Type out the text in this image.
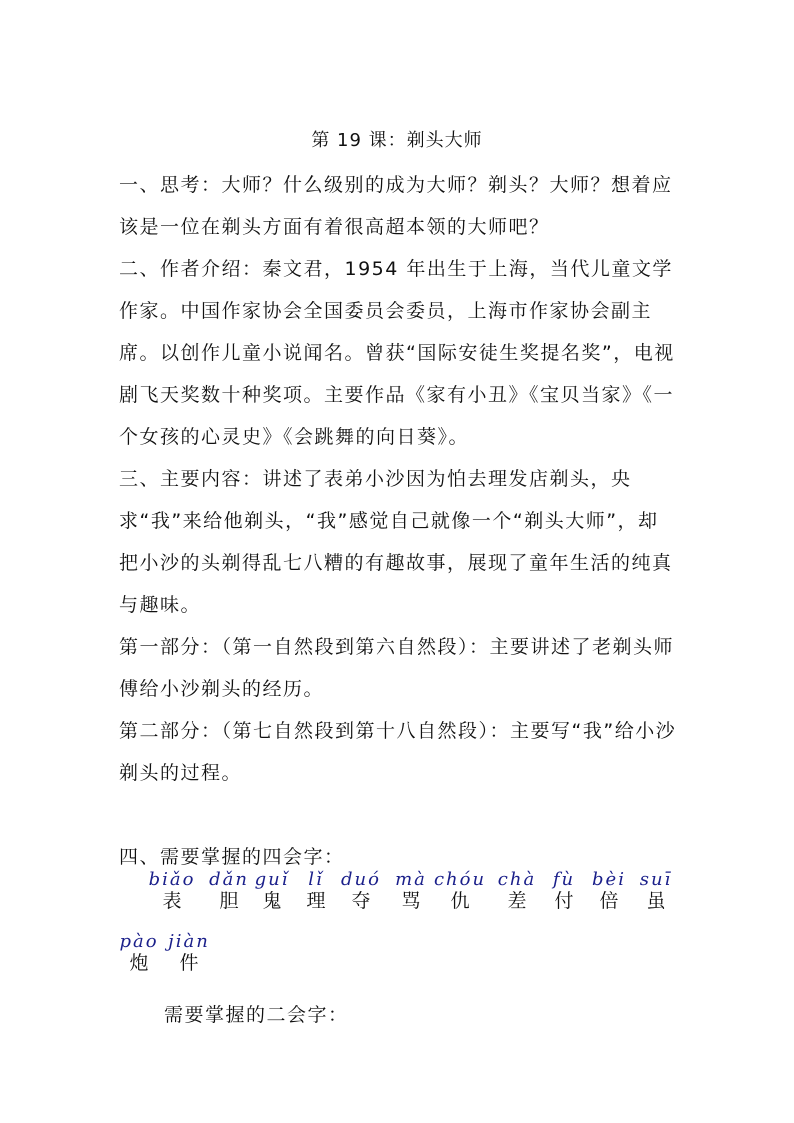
第 19 课：剃头大师

一、思考：大师？什么级别的成为大师？剃头？大师？想着应该是一位在剃头方面有着很高超本领的大师吧？

二、作者介绍：秦文君，1954 年出生于上海，当代儿童文学作家。中国作家协会全国委员会委员，上海市作家协会副主席。以创作儿童小说闻名。曾获“国际安徒生奖提名奖”，电视剧飞天奖数十种奖项。主要作品《家有小丑》《宝贝当家》《一个女孩的心灵史》《会跳舞的向日葵》。

三、主要内容：讲述了表弟小沙因为怕去理发店剃头，央求“我”来给他剃头，“我”感觉自己就像一个“剃头大师”，却把小沙的头剃得乱七八糟的有趣故事，展现了童年生活的纯真与趣味。

第一部分：（第一自然段到第六自然段）：主要讲述了老剃头师傅给小沙剃头的经历。

第二部分：（第七自然段到第十八自然段）：主要写“我”给小沙剃头的过程。

四、需要掌握的四会字：

biǎo
表
dǎn
胆
guǐ
鬼
lǐ
理
duó
夺
mà
骂
chóu
仇
chà
差
fù
付
bèi
倍
suī
虽
pào
炮
jiàn
件
需要掌握的二会字：
